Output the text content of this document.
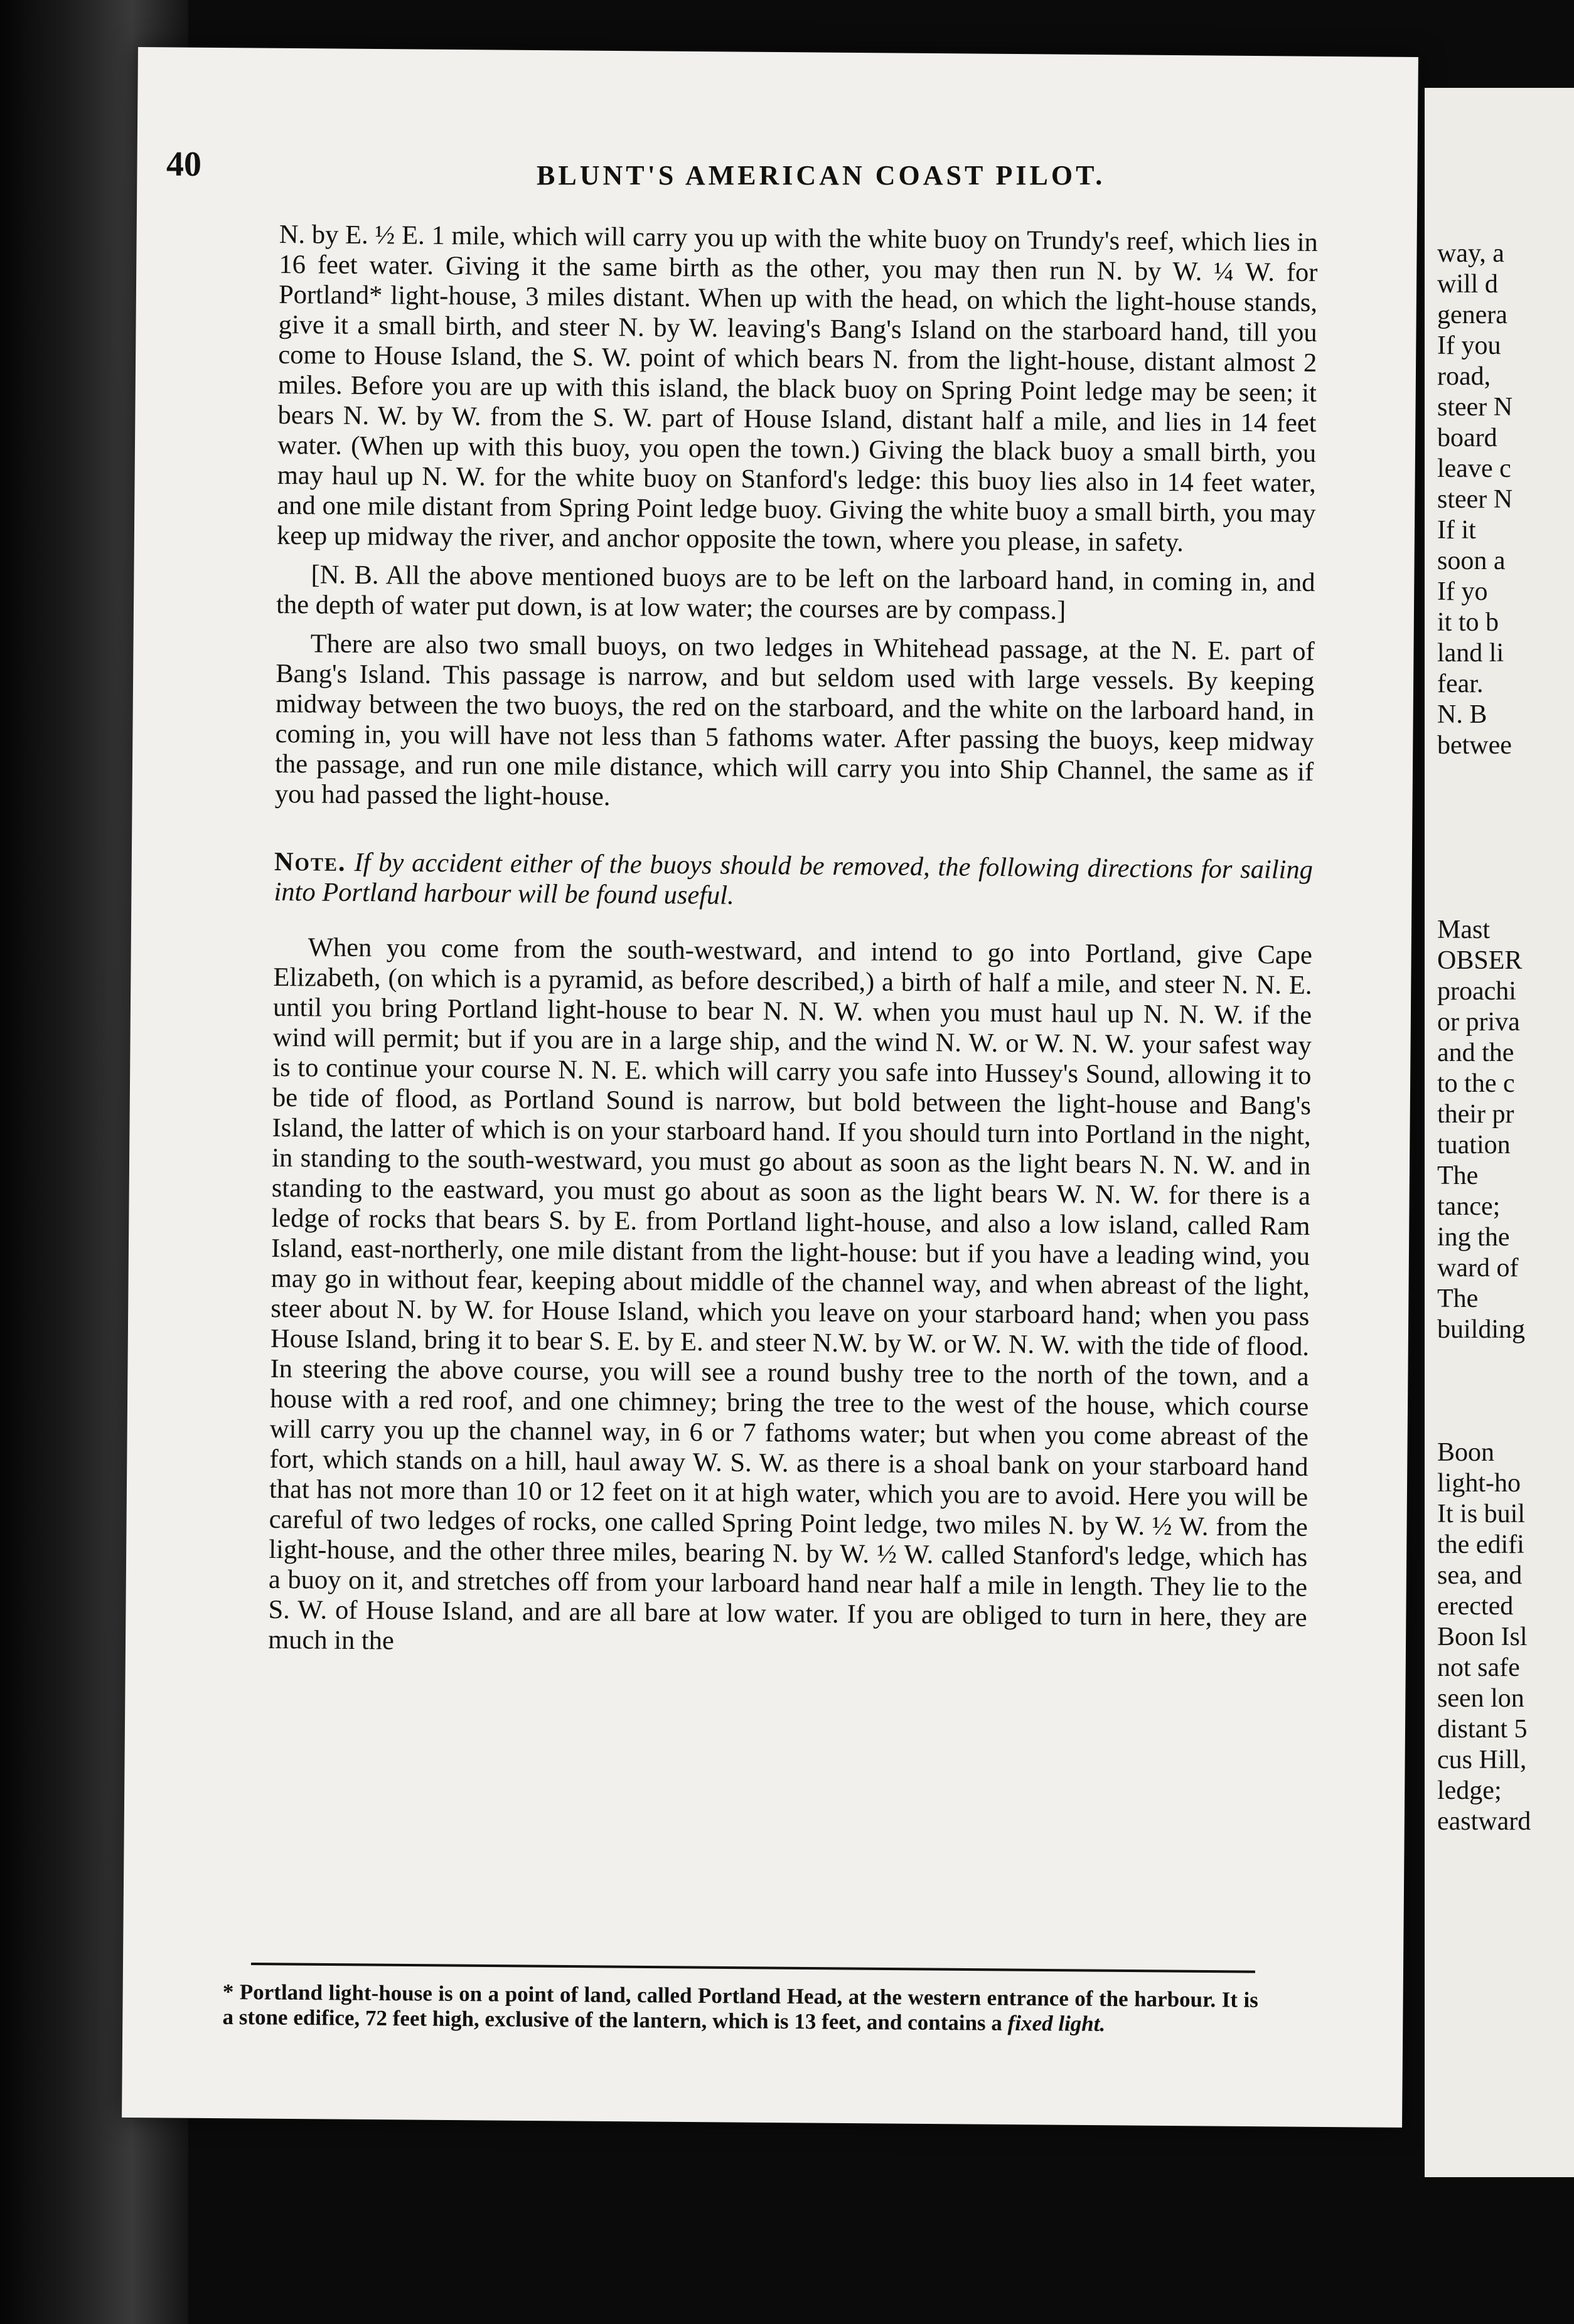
40	BLUNT'S AMERICAN COAST PILOT.

N. by E. ½ E. 1 mile, which will carry you up with the white buoy on Trundy's reef, which lies in 16 feet water. Giving it the same birth as the other, you may then run N. by W. ¼ W. for Portland* light-house, 3 miles distant. When up with the head, on which the light-house stands, give it a small birth, and steer N. by W. leaving's Bang's Island on the starboard hand, till you come to House Island, the S. W. point of which bears N. from the light-house, distant almost 2 miles. Before you are up with this island, the black buoy on Spring Point ledge may be seen; it bears N. W. by W. from the S. W. part of House Island, distant half a mile, and lies in 14 feet water. (When up with this buoy, you open the town.) Giving the black buoy a small birth, you may haul up N. W. for the white buoy on Stanford's ledge: this buoy lies also in 14 feet water, and one mile distant from Spring Point ledge buoy. Giving the white buoy a small birth, you may keep up midway the river, and anchor opposite the town, where you please, in safety.

[N. B. All the above mentioned buoys are to be left on the larboard hand, in coming in, and the depth of water put down, is at low water; the courses are by compass.]

There are also two small buoys, on two ledges in Whitehead passage, at the N. E. part of Bang's Island. This passage is narrow, and but seldom used with large vessels. By keeping midway between the two buoys, the red on the starboard, and the white on the larboard hand, in coming in, you will have not less than 5 fathoms water. After passing the buoys, keep midway the passage, and run one mile distance, which will carry you into Ship Channel, the same as if you had passed the light-house.

Note. If by accident either of the buoys should be removed, the following directions for sailing into Portland harbour will be found useful.

When you come from the south-westward, and intend to go into Portland, give Cape Elizabeth, (on which is a pyramid, as before described,) a birth of half a mile, and steer N. N. E. until you bring Portland light-house to bear N. N. W. when you must haul up N. N. W. if the wind will permit; but if you are in a large ship, and the wind N. W. or W. N. W. your safest way is to continue your course N. N. E. which will carry you safe into Hussey's Sound, allowing it to be tide of flood, as Portland Sound is narrow, but bold between the light-house and Bang's Island, the latter of which is on your starboard hand. If you should turn into Portland in the night, in standing to the south-westward, you must go about as soon as the light bears N. N. W. and in standing to the eastward, you must go about as soon as the light bears W. N. W. for there is a ledge of rocks that bears S. by E. from Portland light-house, and also a low island, called Ram Island, east-northerly, one mile distant from the light-house: but if you have a leading wind, you may go in without fear, keeping about middle of the channel way, and when abreast of the light, steer about N. by W. for House Island, which you leave on your starboard hand; when you pass House Island, bring it to bear S. E. by E. and steer N.W. by W. or W. N. W. with the tide of flood. In steering the above course, you will see a round bushy tree to the north of the town, and a house with a red roof, and one chimney; bring the tree to the west of the house, which course will carry you up the channel way, in 6 or 7 fathoms water; but when you come abreast of the fort, which stands on a hill, haul away W. S. W. as there is a shoal bank on your starboard hand that has not more than 10 or 12 feet on it at high water, which you are to avoid. Here you will be careful of two ledges of rocks, one called Spring Point ledge, two miles N. by W. ½ W. from the light-house, and the other three miles, bearing N. by W. ½ W. called Stanford's ledge, which has a buoy on it, and stretches off from your larboard hand near half a mile in length. They lie to the S. W. of House Island, and are all bare at low water. If you are obliged to turn in here, they are much in the

* Portland light-house is on a point of land, called Portland Head, at the western entrance of the harbour. It is a stone edifice, 72 feet high, exclusive of the lantern, which is 13 feet, and contains a fixed light.
way, a
will d
genera
If you
road,
steer N
board
leave c
steer N
If it
soon a
If yo
it to b
land li
fear.
N. B
betwee
Mast
OBSER
proachi
or priva
and the
to the c
their pr
tuation
The
tance;
ing the
ward of
The
building
Boon
light-ho
It is buil
the edifi
sea, and
erected
Boon Isl
not safe
seen lon
distant 5
cus Hill,
ledge;
eastward
